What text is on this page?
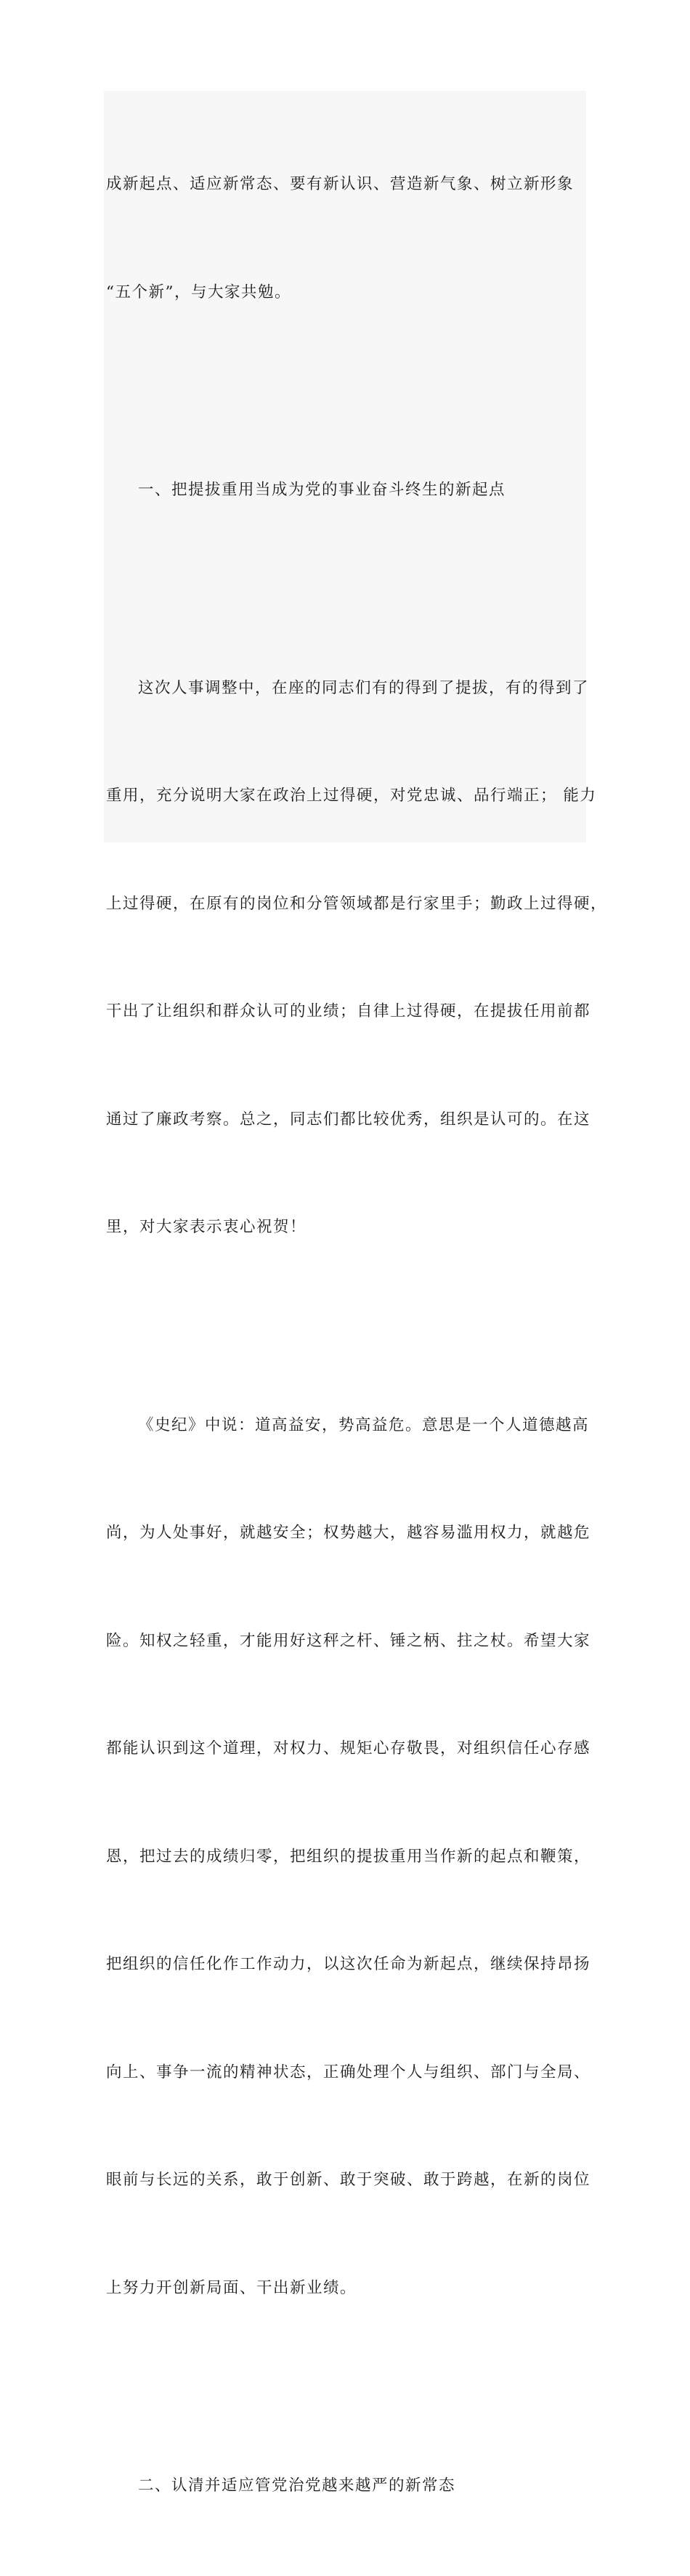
成新起点、适应新常态、要有新认识、营造新气象、树立新形象

“五个新”，与大家共勉。

一、把提拔重用当成为党的事业奋斗终生的新起点

这次人事调整中，在座的同志们有的得到了提拔，有的得到了

重用，充分说明大家在政治上过得硬，对党忠诚、品行端正； 能力

上过得硬，在原有的岗位和分管领域都是行家里手；勤政上过得硬，

干出了让组织和群众认可的业绩；自律上过得硬，在提拔任用前都

通过了廉政考察。总之，同志们都比较优秀，组织是认可的。在这

里，对大家表示衷心祝贺！

《史纪》中说：道高益安，势高益危。意思是一个人道德越高

尚，为人处事好，就越安全；权势越大，越容易滥用权力，就越危

险。知权之轻重，才能用好这秤之杆、锤之柄、拄之杖。希望大家

都能认识到这个道理，对权力、规矩心存敬畏，对组织信任心存感

恩，把过去的成绩归零，把组织的提拔重用当作新的起点和鞭策，

把组织的信任化作工作动力，以这次任命为新起点，继续保持昂扬

向上、事争一流的精神状态，正确处理个人与组织、部门与全局、

眼前与长远的关系，敢于创新、敢于突破、敢于跨越，在新的岗位

上努力开创新局面、干出新业绩。

二、认清并适应管党治党越来越严的新常态
